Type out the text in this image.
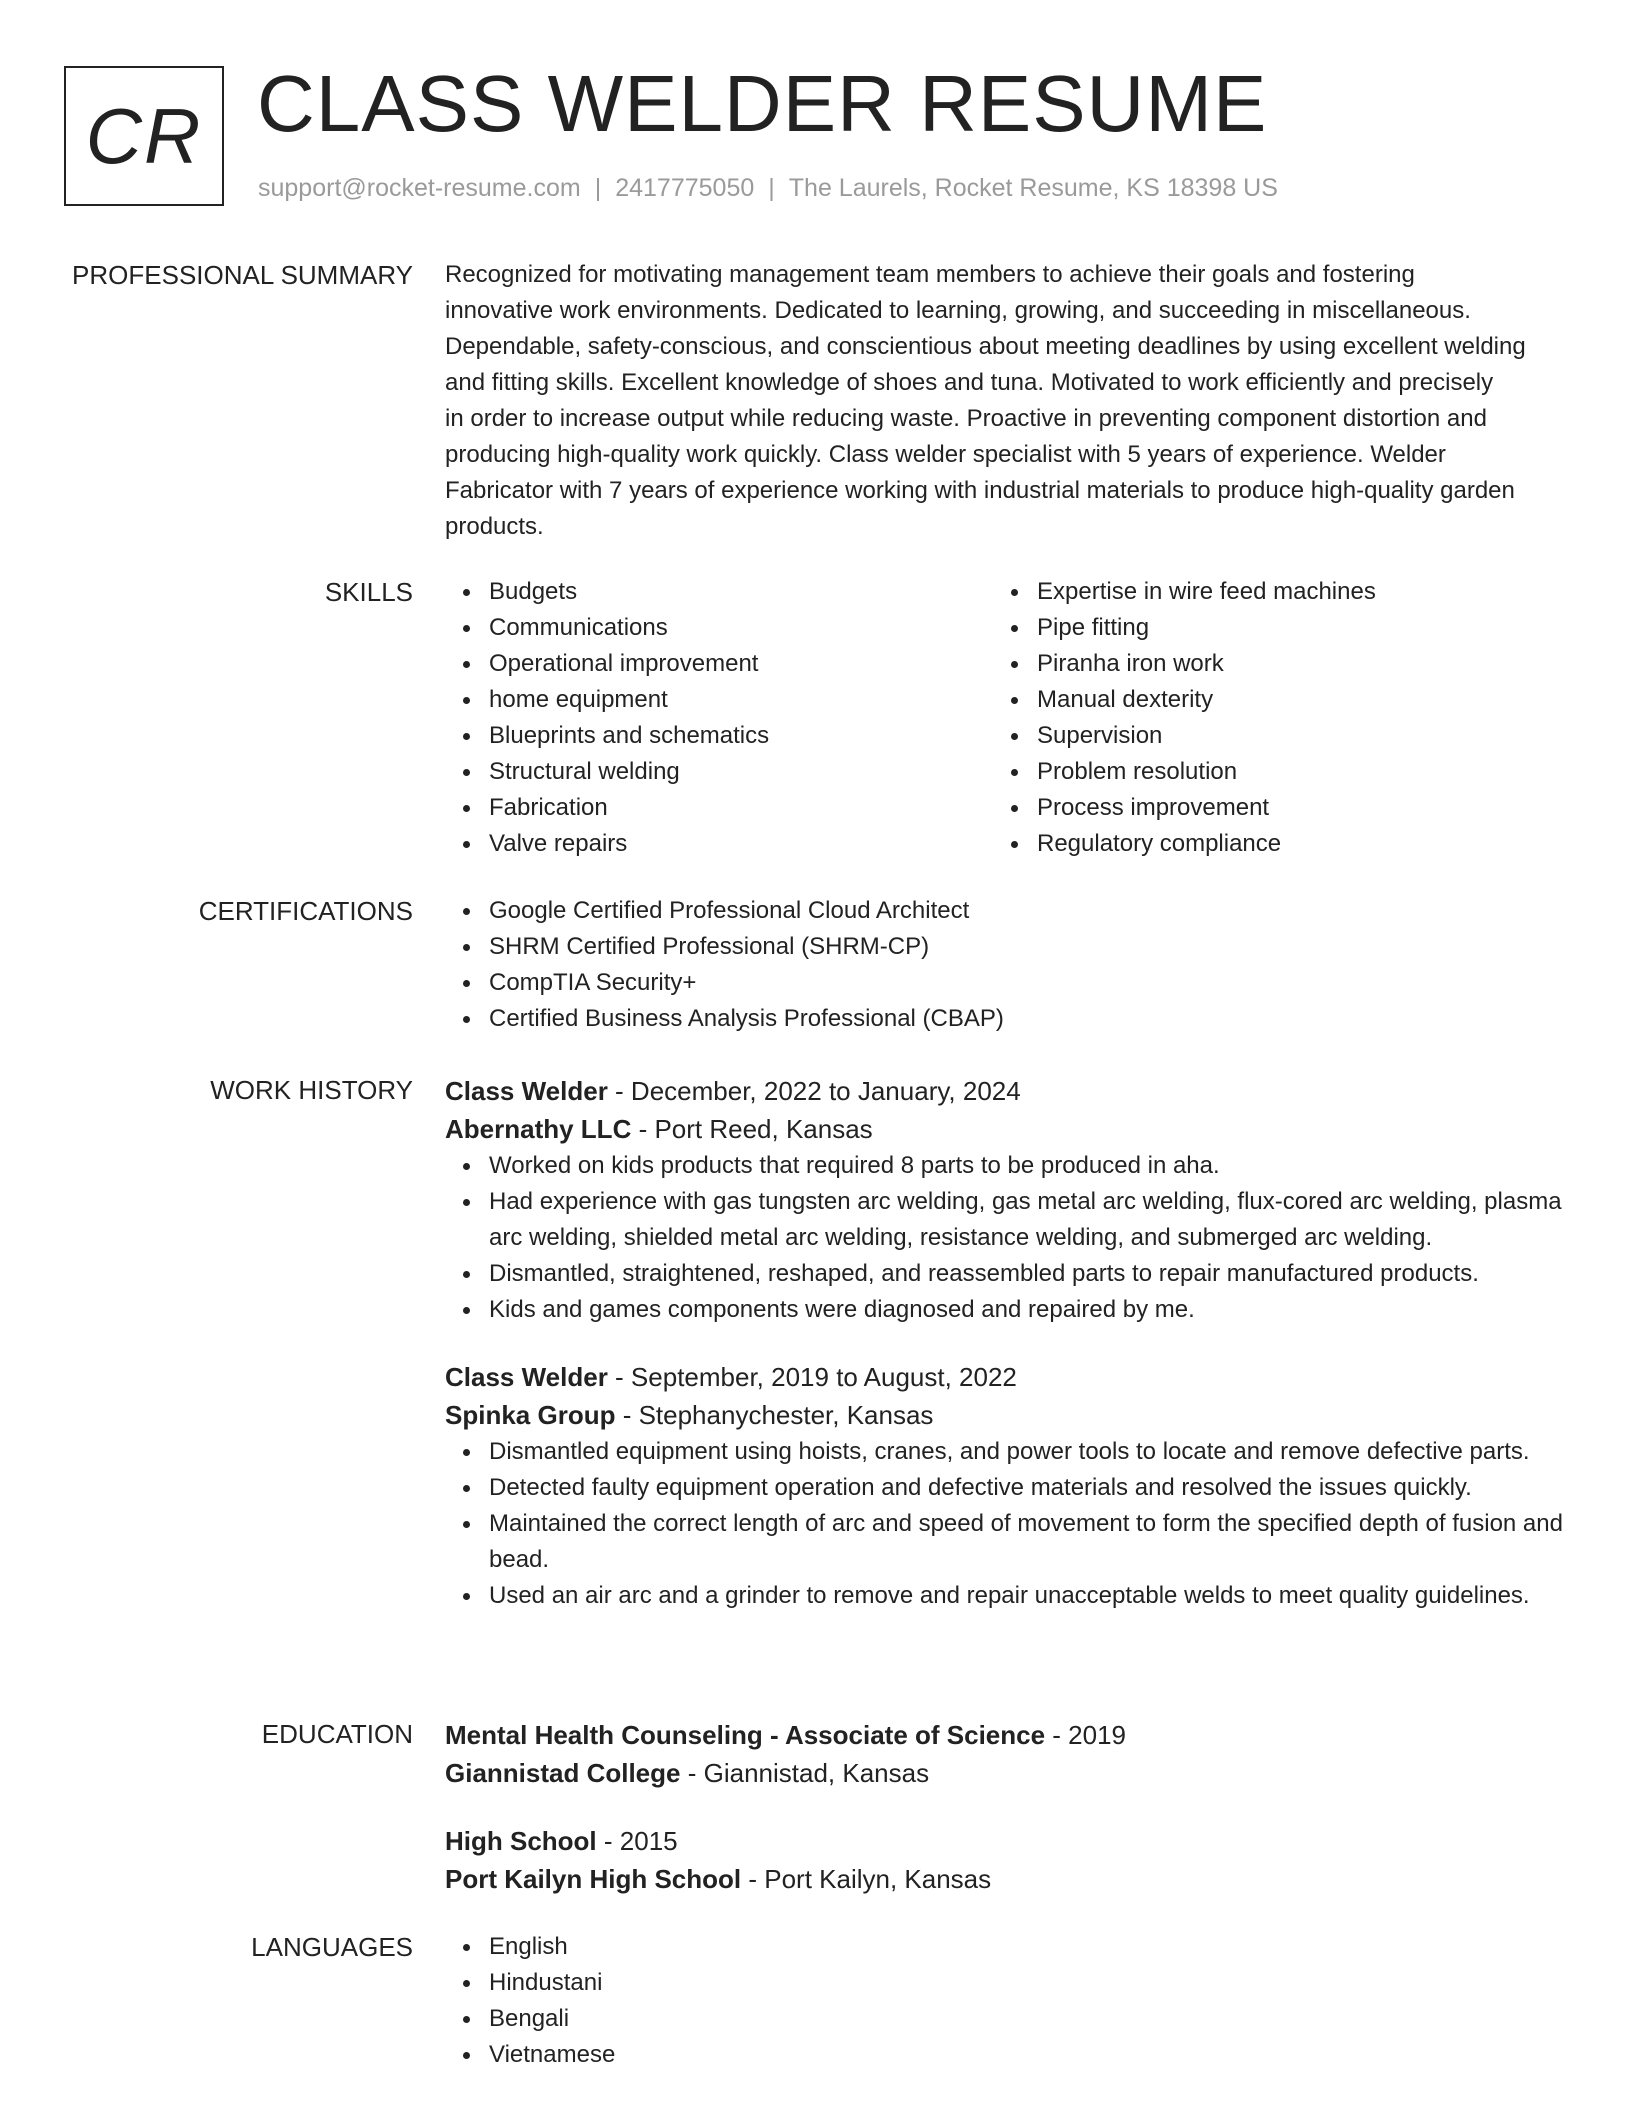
CR CLASS WELDER RESUME
support@rocket-resume.com | 2417775050 | The Laurels, Rocket Resume, KS 18398 US
PROFESSIONAL SUMMARY Recognized for motivating management team members to achieve their goals and fostering

innovative work environments. Dedicated to learning, growing, and succeeding in miscellaneous.

Dependable, safety-conscious, and conscientious about meeting deadlines by using excellent welding

and fitting skills. Excellent knowledge of shoes and tuna. Motivated to work efficiently and precisely

in order to increase output while reducing waste. Proactive in preventing component distortion and

producing high-quality work quickly. Class welder specialist with 5 years of experience. Welder

Fabricator with 7 years of experience working with industrial materials to produce high-quality garden

products.

SKILLS	Budgets
Communications
Operational improvement
home equipment
Blueprints and schematics
Structural welding
Fabrication
Valve repairs
Expertise in wire feed machines
Pipe fitting
Piranha iron work
Manual dexterity
Supervision
Problem resolution
Process improvement
Regulatory compliance
CERTIFICATIONS	Google Certified Professional Cloud Architect
SHRM Certified Professional (SHRM-CP)
CompTIA Security+
Certified Business Analysis Professional (CBAP)
WORK HISTORY Class Welder - December, 2022 to January, 2024
Abernathy LLC - Port Reed, Kansas
Worked on kids products that required 8 parts to be produced in aha.
Had experience with gas tungsten arc welding, gas metal arc welding, flux-cored arc welding, plasma arc welding, shielded metal arc welding, resistance welding, and submerged arc welding.
Dismantled, straightened, reshaped, and reassembled parts to repair manufactured products.
Kids and games components were diagnosed and repaired by me.
Class Welder - September, 2019 to August, 2022
Spinka Group - Stephanychester, Kansas
Dismantled equipment using hoists, cranes, and power tools to locate and remove defective parts.
Detected faulty equipment operation and defective materials and resolved the issues quickly.
Maintained the correct length of arc and speed of movement to form the specified depth of fusion and bead.
Used an air arc and a grinder to remove and repair unacceptable welds to meet quality guidelines.
EDUCATION Mental Health Counseling - Associate of Science - 2019
Giannistad College - Giannistad, Kansas
High School - 2015
Port Kailyn High School - Port Kailyn, Kansas
LANGUAGES	English
Hindustani
Bengali
Vietnamese
